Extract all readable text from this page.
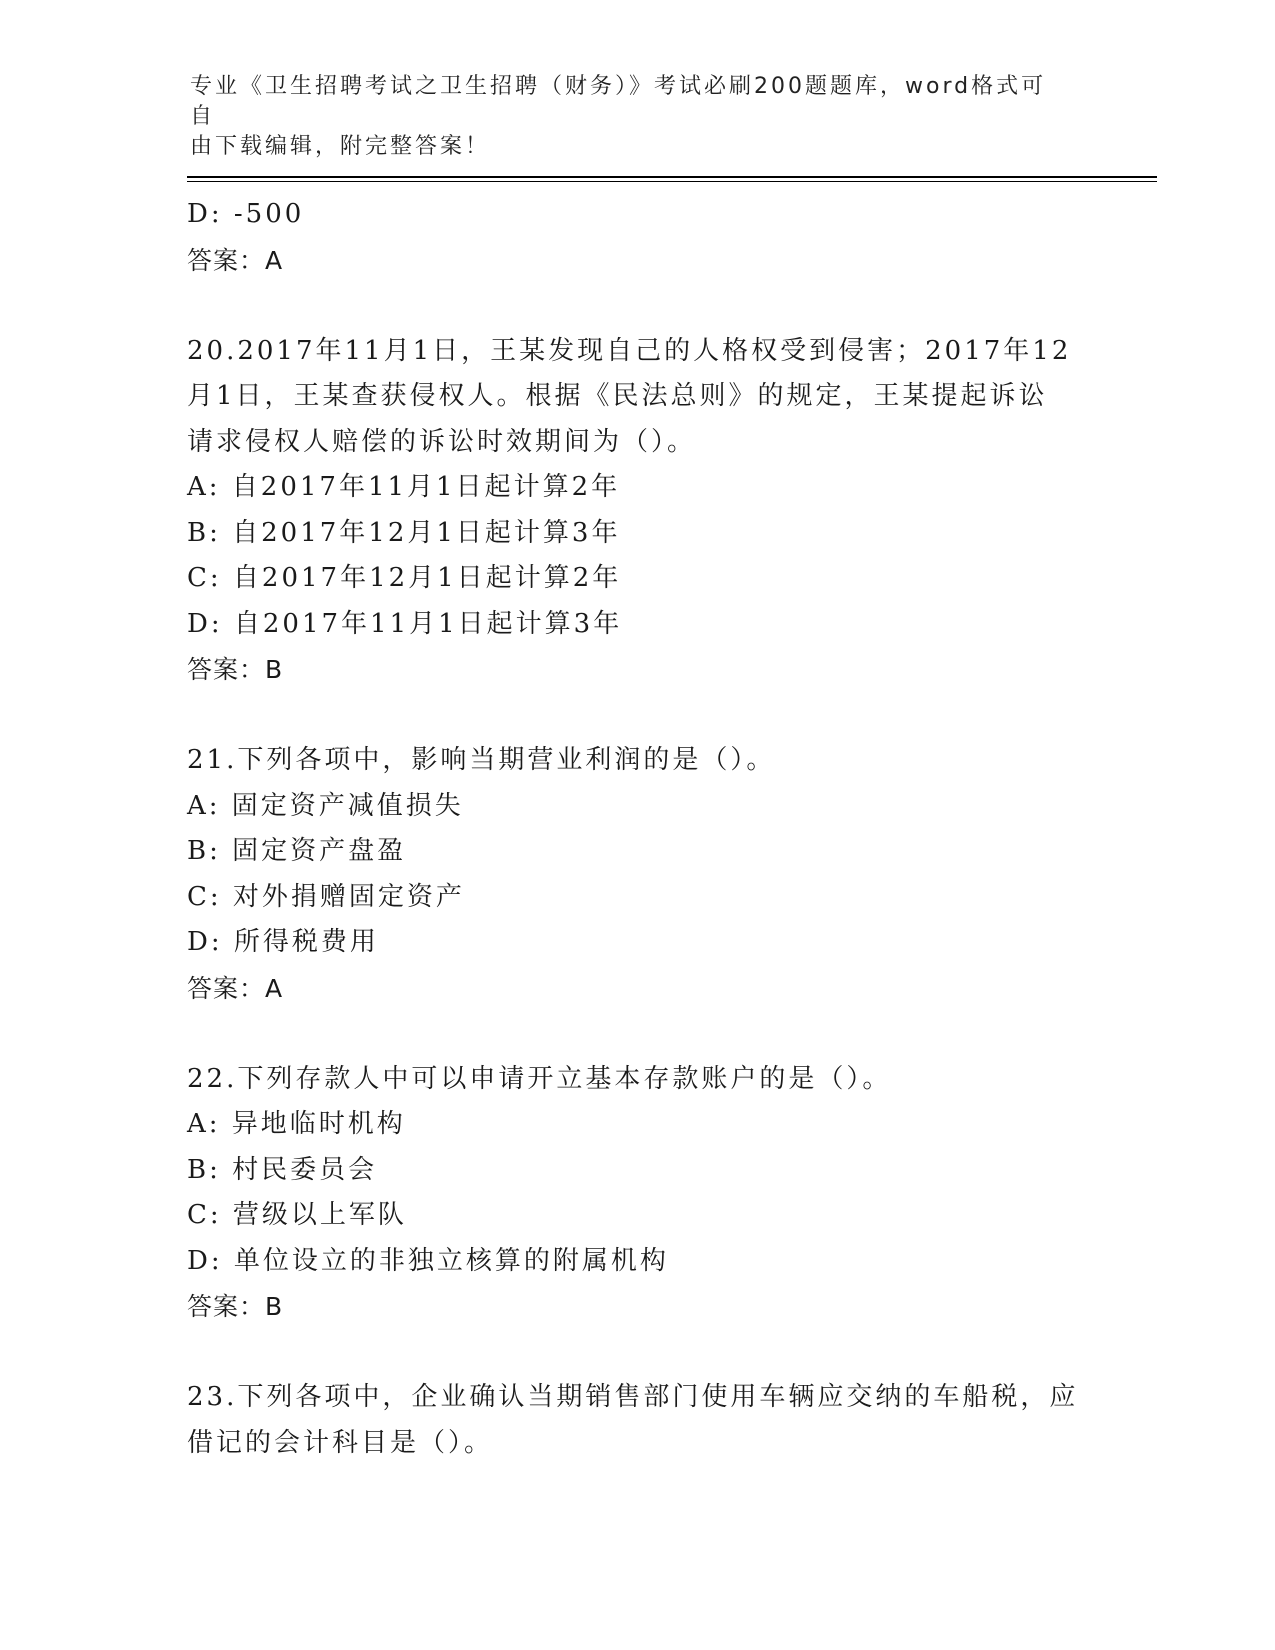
专业《卫生招聘考试之卫生招聘（财务）》考试必刷200题题库，word格式可自
由下载编辑，附完整答案！
D: -500
答案：A
20.2017年11月1日，王某发现自己的人格权受到侵害；2017年12
月1日，王某查获侵权人。根据《民法总则》的规定，王某提起诉讼
请求侵权人赔偿的诉讼时效期间为（）。
A: 自2017年11月1日起计算2年
B: 自2017年12月1日起计算3年
C: 自2017年12月1日起计算2年
D: 自2017年11月1日起计算3年
答案：B
21.下列各项中，影响当期营业利润的是（）。
A: 固定资产减值损失
B: 固定资产盘盈
C: 对外捐赠固定资产
D: 所得税费用
答案：A
22.下列存款人中可以申请开立基本存款账户的是（）。
A: 异地临时机构
B: 村民委员会
C: 营级以上军队
D: 单位设立的非独立核算的附属机构
答案：B
23.下列各项中，企业确认当期销售部门使用车辆应交纳的车船税，应
借记的会计科目是（）。
